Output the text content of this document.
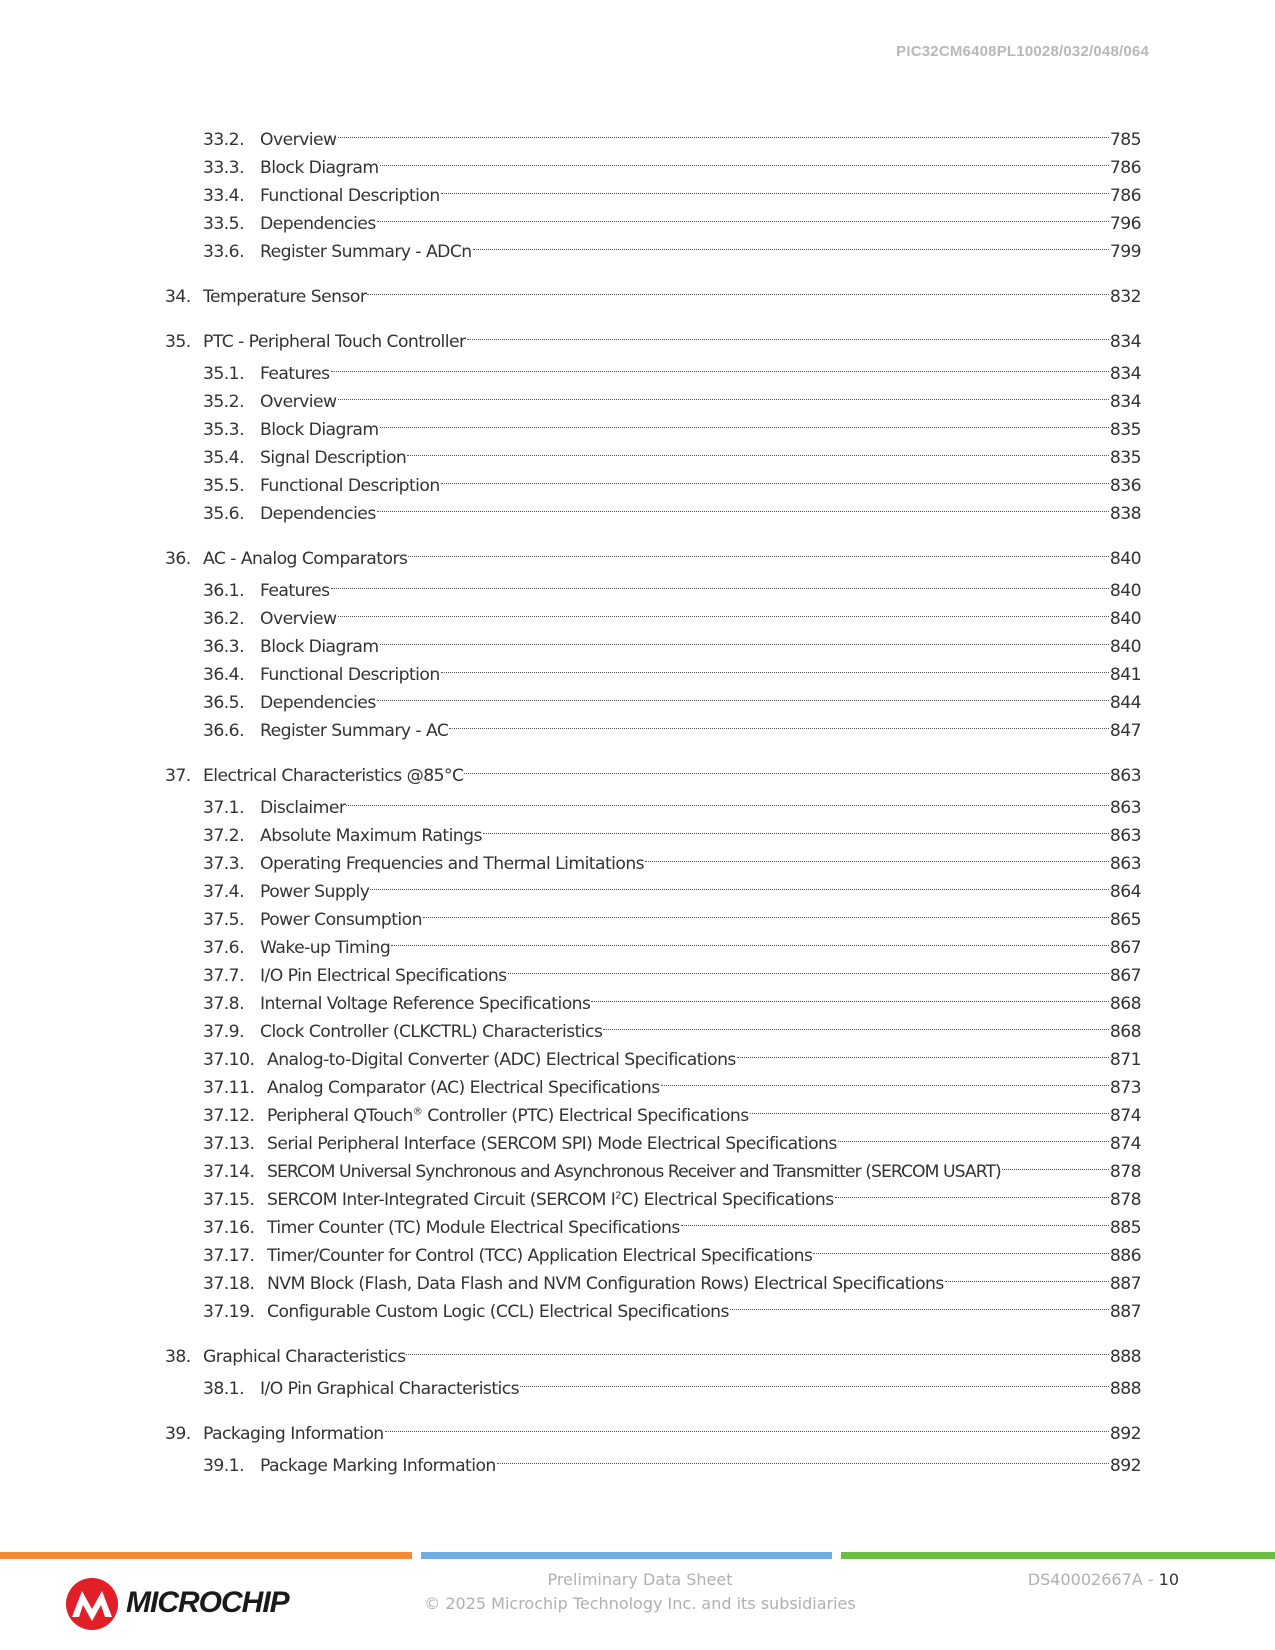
PIC32CM6408PL10028/032/048/064
33.2. Overview	785
33.3. Block Diagram	786
33.4. Functional Description	786
33.5. Dependencies	796
33.6. Register Summary - ADCn	799
34. Temperature Sensor	832
35. PTC - Peripheral Touch Controller	834
35.1. Features	834
35.2. Overview	834
35.3. Block Diagram	835
35.4. Signal Description	835
35.5. Functional Description	836
35.6. Dependencies	838
36. AC - Analog Comparators	840
36.1. Features	840
36.2. Overview	840
36.3. Block Diagram	840
36.4. Functional Description	841
36.5. Dependencies	844
36.6. Register Summary - AC	847
37. Electrical Characteristics @85°C	863
37.1. Disclaimer	863
37.2. Absolute Maximum Ratings	863
37.3. Operating Frequencies and Thermal Limitations	863
37.4. Power Supply	864
37.5. Power Consumption	865
37.6. Wake-up Timing	867
37.7. I/O Pin Electrical Specifications	867
37.8. Internal Voltage Reference Specifications	868
37.9. Clock Controller (CLKCTRL) Characteristics	868
37.10. Analog-to-Digital Converter (ADC) Electrical Specifications	871
37.11. Analog Comparator (AC) Electrical Specifications	873
37.12. Peripheral QTouch® Controller (PTC) Electrical Specifications	874
37.13. Serial Peripheral Interface (SERCOM SPI) Mode Electrical Specifications	874
37.14. SERCOM Universal Synchronous and Asynchronous Receiver and Transmitter (SERCOM USART)	878
37.15. SERCOM Inter-Integrated Circuit (SERCOM $I^2C$) Electrical Specifications	878
37.16. Timer Counter (TC) Module Electrical Specifications	885
37.17. Timer/Counter for Control (TCC) Application Electrical Specifications	886
37.18. NVM Block (Flash, Data Flash and NVM Configuration Rows) Electrical Specifications	887
37.19. Configurable Custom Logic (CCL) Electrical Specifications	887
38. Graphical Characteristics	888
38.1. I/O Pin Graphical Characteristics	888
39. Packaging Information	892
39.1. Package Marking Information	892
MICROCHIP
Preliminary Data Sheet
© 2025 Microchip Technology Inc. and its subsidiaries
DS40002667A - 10
